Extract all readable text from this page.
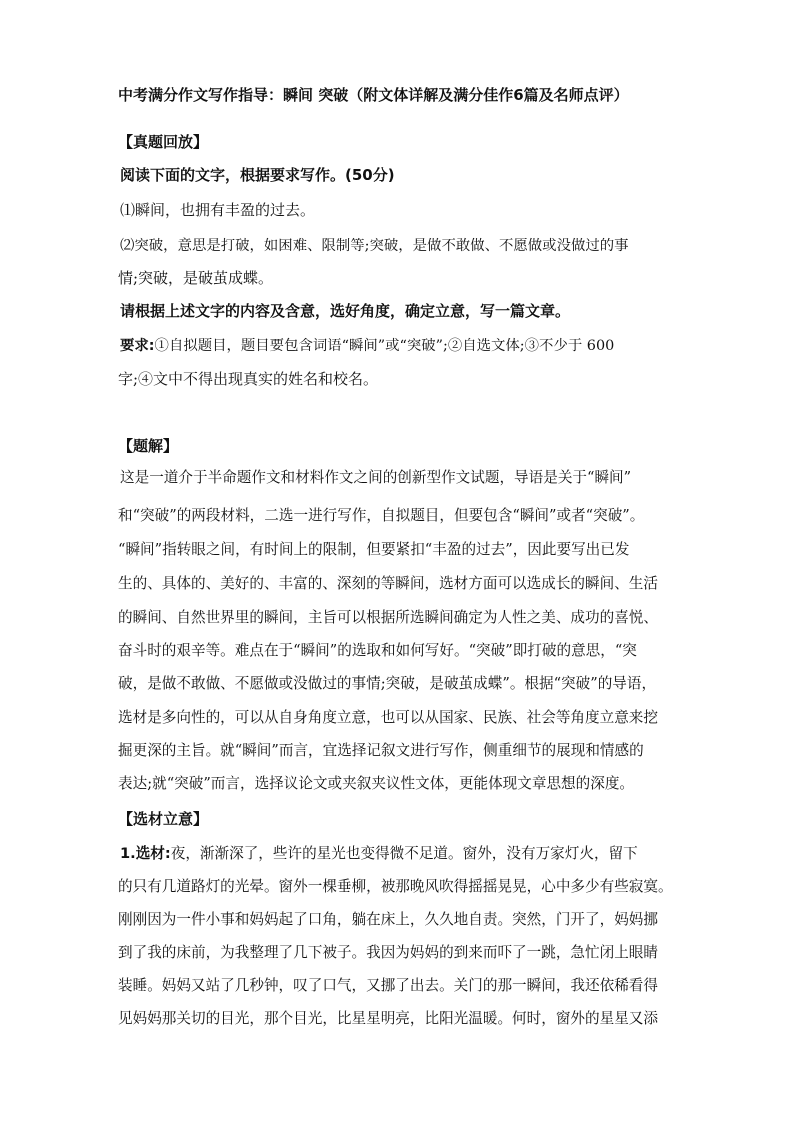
中考满分作文写作指导：瞬间 突破（附文体详解及满分佳作6篇及名师点评）
【真题回放】
阅读下面的文字，根据要求写作。(50分)
⑴瞬间，也拥有丰盈的过去。
⑵突破，意思是打破，如困难、限制等;突破，是做不敢做、不愿做或没做过的事
情;突破，是破茧成蝶。
请根据上述文字的内容及含意，选好角度，确定立意，写一篇文章。
要求:①自拟题目，题目要包含词语“瞬间”或“突破”;②自选文体;③不少于 600
字;④文中不得出现真实的姓名和校名。
【题解】
这是一道介于半命题作文和材料作文之间的创新型作文试题，导语是关于“瞬间”
和“突破”的两段材料，二选一进行写作，自拟题目，但要包含“瞬间”或者“突破”。
“瞬间”指转眼之间，有时间上的限制，但要紧扣“丰盈的过去”，因此要写出已发
生的、具体的、美好的、丰富的、深刻的等瞬间，选材方面可以选成长的瞬间、生活
的瞬间、自然世界里的瞬间，主旨可以根据所选瞬间确定为人性之美、成功的喜悦、
奋斗时的艰辛等。难点在于“瞬间”的选取和如何写好。“突破”即打破的意思，“突
破，是做不敢做、不愿做或没做过的事情;突破，是破茧成蝶”。根据“突破”的导语，
选材是多向性的，可以从自身角度立意，也可以从国家、民族、社会等角度立意来挖
掘更深的主旨。就“瞬间”而言，宜选择记叙文进行写作，侧重细节的展现和情感的
表达;就“突破”而言，选择议论文或夹叙夹议性文体，更能体现文章思想的深度。
【选材立意】
1.选材:夜，渐渐深了，些许的星光也变得微不足道。窗外，没有万家灯火，留下
的只有几道路灯的光晕。窗外一棵垂柳，被那晚风吹得摇摇晃晃，心中多少有些寂寞。
刚刚因为一件小事和妈妈起了口角，躺在床上，久久地自责。突然，门开了，妈妈挪
到了我的床前，为我整理了几下被子。我因为妈妈的到来而吓了一跳，急忙闭上眼睛
装睡。妈妈又站了几秒钟，叹了口气，又挪了出去。关门的那一瞬间，我还依稀看得
见妈妈那关切的目光，那个目光，比星星明亮，比阳光温暖。何时，窗外的星星又添
